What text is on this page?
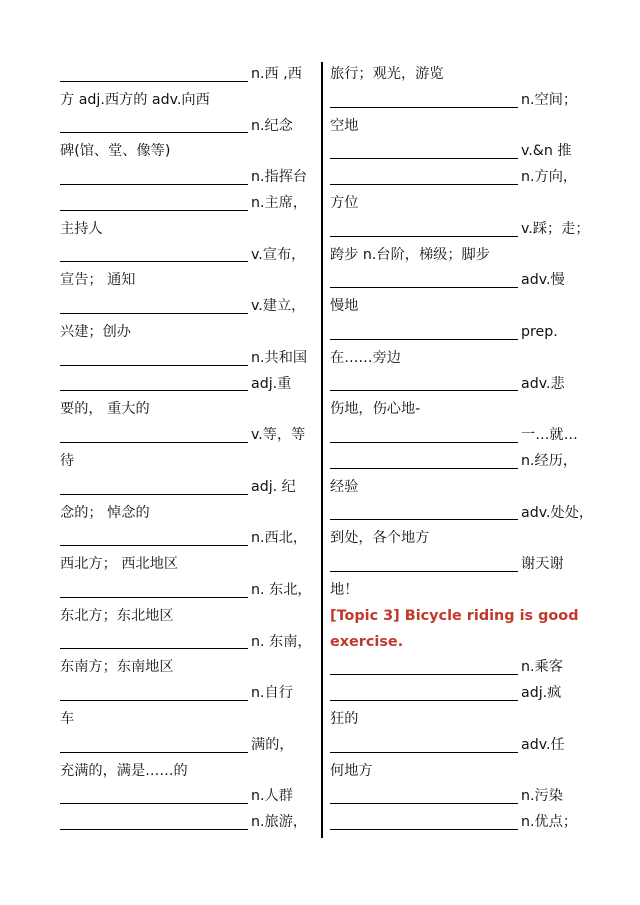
n.西 ,西
方 adj.西方的 adv.向西
n.纪念
碑(馆、堂、像等)
n.指挥台
n.主席，
主持人
v.宣布，
宣告； 通知
v.建立，
兴建；创办
n.共和国
adj.重
要的， 重大的
v.等，等
待
adj. 纪
念的； 悼念的
n.西北，
西北方； 西北地区
n. 东北，
东北方；东北地区
n. 东南，
东南方；东南地区
n.自行
车
满的，
充满的，满是……的
n.人群
n.旅游，
旅行；观光，游览
n.空间；
空地
v.&n 推
n.方向，
方位
v.踩；走；
跨步 n.台阶，梯级；脚步
adv.慢
慢地
prep.
在……旁边
adv.悲
伤地，伤心地-
一…就…
n.经历，
经验
adv.处处，
到处，各个地方
谢天谢
地！
[Topic 3] Bicycle riding is good
exercise.
n.乘客
adj.疯
狂的
adv.任
何地方
n.污染
n.优点；
